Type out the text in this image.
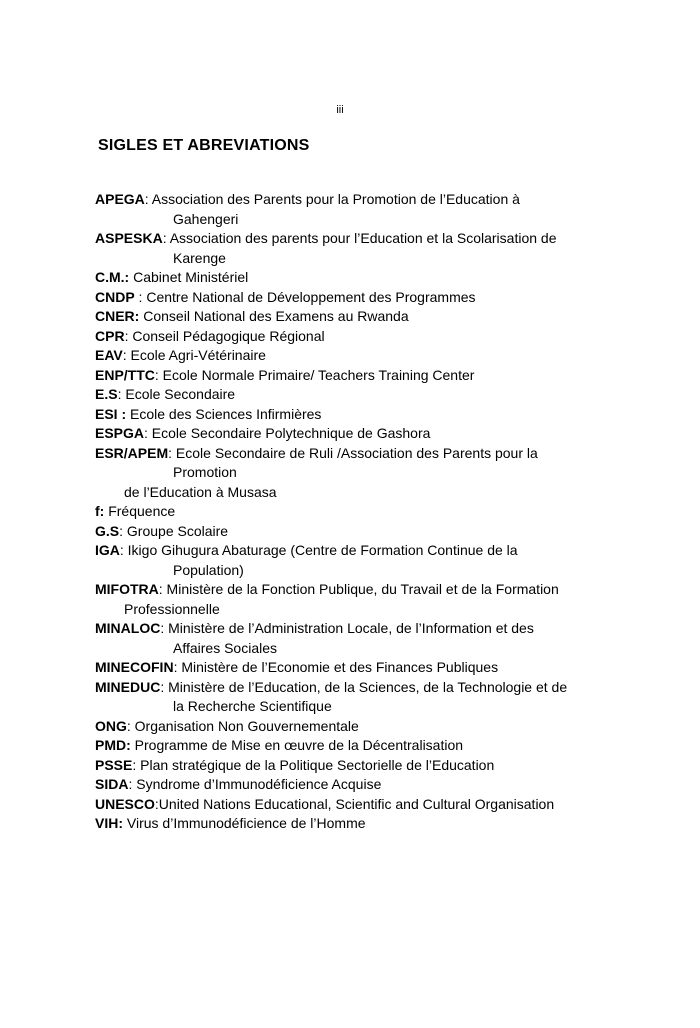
iii
SIGLES ET ABREVIATIONS
APEGA: Association des Parents pour la Promotion de l’Education à
Gahengeri
ASPESKA: Association des parents pour l’Education et la Scolarisation de
Karenge
C.M.: Cabinet Ministériel
CNDP : Centre National de Développement des Programmes
CNER: Conseil National des Examens au Rwanda
CPR: Conseil Pédagogique Régional
EAV: Ecole Agri-Vétérinaire
ENP/TTC: Ecole Normale Primaire/ Teachers Training Center
E.S: Ecole Secondaire
ESI : Ecole des Sciences Infirmières
ESPGA: Ecole Secondaire Polytechnique de Gashora
ESR/APEM: Ecole Secondaire de Ruli /Association des Parents pour la
Promotion
de l’Education à Musasa
f: Fréquence
G.S: Groupe Scolaire
IGA: Ikigo Gihugura Abaturage (Centre de Formation Continue de la
Population)
MIFOTRA: Ministère de la Fonction Publique, du Travail et de la Formation
Professionnelle
MINALOC: Ministère de l’Administration Locale, de l’Information et des
Affaires Sociales
MINECOFIN: Ministère de l’Economie et des Finances Publiques
MINEDUC: Ministère de l’Education, de la Sciences, de la Technologie et de
la Recherche Scientifique
ONG: Organisation Non Gouvernementale
PMD: Programme de Mise en œuvre de la Décentralisation
PSSE: Plan stratégique de la Politique Sectorielle de l’Education
SIDA: Syndrome d’Immunodéficience Acquise
UNESCO:United Nations Educational, Scientific and Cultural Organisation
VIH: Virus d’Immunodéficience de l’Homme
